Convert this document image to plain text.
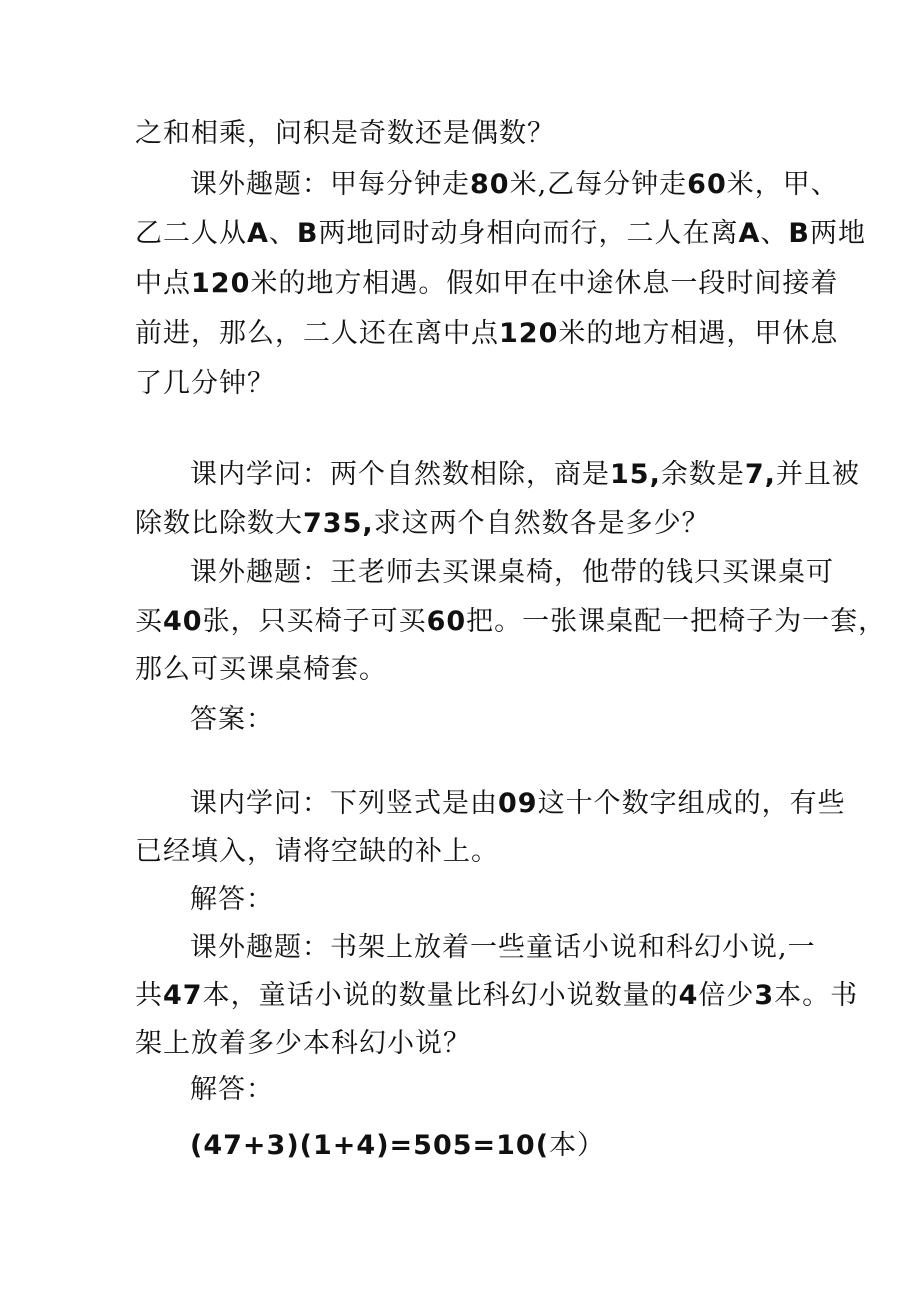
之和相乘，问积是奇数还是偶数？
课外趣题：甲每分钟走80米,乙每分钟走60米，甲、
乙二人从A、B两地同时动身相向而行，二人在离A、B两地
中点120米的地方相遇。假如甲在中途休息一段时间接着
前进，那么，二人还在离中点120米的地方相遇，甲休息
了几分钟？
课内学问：两个自然数相除，商是15,余数是7,并且被
除数比除数大735,求这两个自然数各是多少？
课外趣题：王老师去买课桌椅，他带的钱只买课桌可
买40张，只买椅子可买60把。一张课桌配一把椅子为一套，
那么可买课桌椅套。
答案：
课内学问：下列竖式是由09这十个数字组成的，有些
已经填入，请将空缺的补上。
解答：
课外趣题：书架上放着一些童话小说和科幻小说,一
共47本，童话小说的数量比科幻小说数量的4倍少3本。书
架上放着多少本科幻小说？
解答：
(47+3)(1+4)=505=10(本）
